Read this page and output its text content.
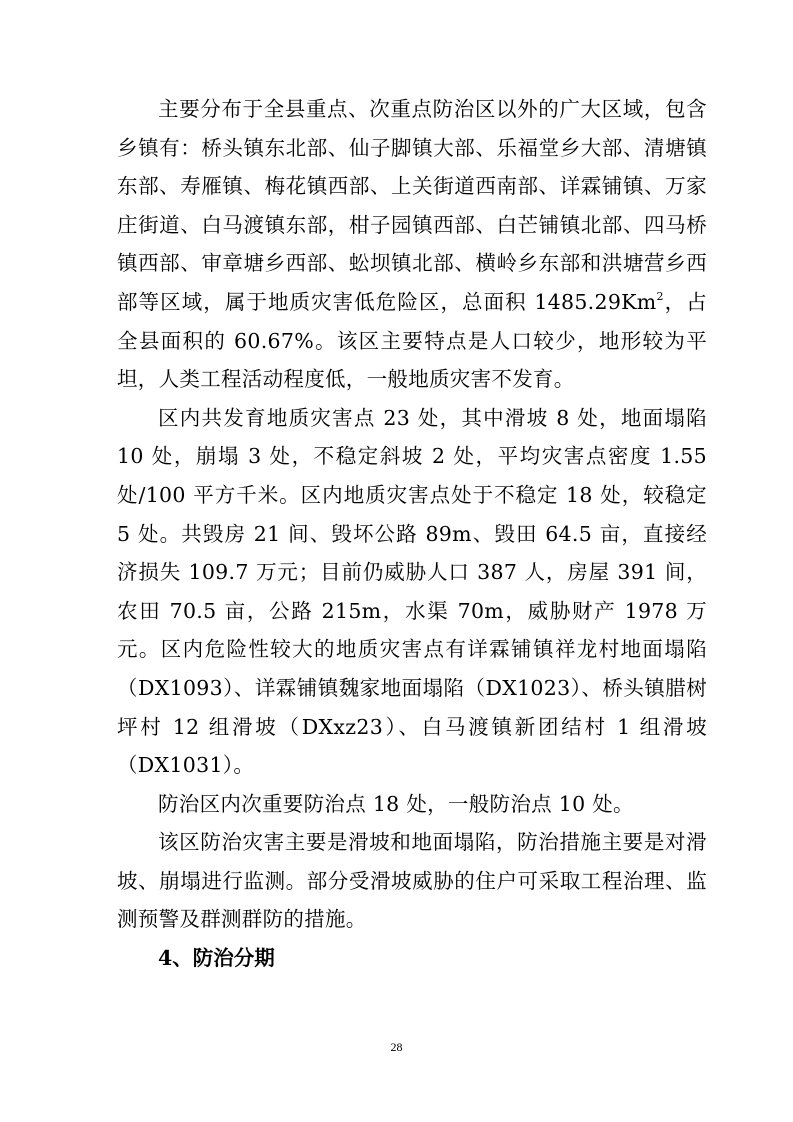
主要分布于全县重点、次重点防治区以外的广大区域，包含乡镇有：桥头镇东北部、仙子脚镇大部、乐福堂乡大部、清塘镇东部、寿雁镇、梅花镇西部、上关街道西南部、详霖铺镇、万家庄街道、白马渡镇东部，柑子园镇西部、白芒铺镇北部、四马桥镇西部、审章塘乡西部、蚣坝镇北部、横岭乡东部和洪塘营乡西部等区域，属于地质灾害低危险区，总面积 1485.29Km$^2$，占全县面积的 60.67%。该区主要特点是人口较少，地形较为平坦，人类工程活动程度低，一般地质灾害不发育。

区内共发育地质灾害点 23 处，其中滑坡 8 处，地面塌陷 10 处，崩塌 3 处，不稳定斜坡 2 处，平均灾害点密度 1.55 处/100 平方千米。区内地质灾害点处于不稳定 18 处，较稳定 5 处。共毁房 21 间、毁坏公路 89m、毁田 64.5 亩，直接经济损失 109.7 万元；目前仍威胁人口 387 人，房屋 391 间，农田 70.5 亩，公路 215m，水渠 70m，威胁财产 1978 万元。区内危险性较大的地质灾害点有详霖铺镇祥龙村地面塌陷（DX1093）、详霖铺镇魏家地面塌陷（DX1023）、桥头镇腊树坪村 12 组滑坡（DXxz23）、白马渡镇新团结村 1 组滑坡（DX1031）。

防治区内次重要防治点 18 处，一般防治点 10 处。

该区防治灾害主要是滑坡和地面塌陷，防治措施主要是对滑坡、崩塌进行监测。部分受滑坡威胁的住户可采取工程治理、监测预警及群测群防的措施。

4、防治分期

28
